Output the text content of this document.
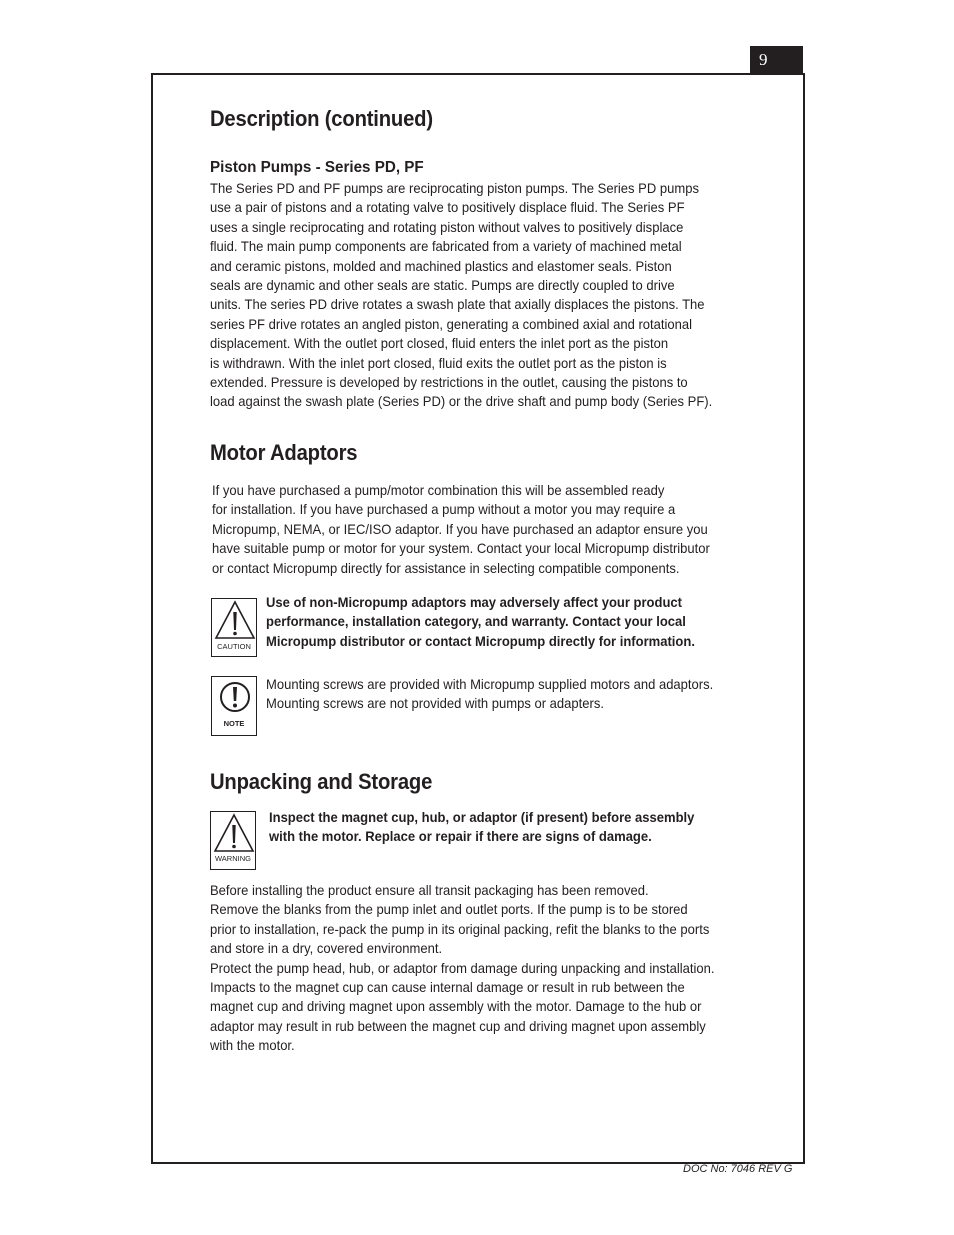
9
Description (continued)
Piston Pumps - Series PD, PF
The Series PD and PF pumps are reciprocating piston pumps. The Series PD pumps
use a pair of pistons and a rotating valve to positively displace fluid. The Series PF
uses a single reciprocating and rotating piston without valves to positively displace
fluid. The main pump components are fabricated from a variety of machined metal
and ceramic pistons, molded and machined plastics and elastomer seals. Piston
seals are dynamic and other seals are static. Pumps are directly coupled to drive
units. The series PD drive rotates a swash plate that axially displaces the pistons. The
series PF drive rotates an angled piston, generating a combined axial and rotational
displacement. With the outlet port closed, fluid enters the inlet port as the piston
is withdrawn. With the inlet port closed, fluid exits the outlet port as the piston is
extended. Pressure is developed by restrictions in the outlet, causing the pistons to
load against the swash plate (Series PD) or the drive shaft and pump body (Series PF).
Motor Adaptors
If you have purchased a pump/motor combination this will be assembled ready
for installation. If you have purchased a pump without a motor you may require a
Micropump, NEMA, or IEC/ISO adaptor. If you have purchased an adaptor ensure you
have suitable pump or motor for your system. Contact your local Micropump distributor
or contact Micropump directly for assistance in selecting compatible components.
CAUTION
Use of non-Micropump adaptors may adversely affect your product
performance, installation category, and warranty. Contact your local
Micropump distributor or contact Micropump directly for information.
NOTE
Mounting screws are provided with Micropump supplied motors and adaptors.
Mounting screws are not provided with pumps or adapters.
Unpacking and Storage
WARNING
Inspect the magnet cup, hub, or adaptor (if present) before assembly
with the motor. Replace or repair if there are signs of damage.
Before installing the product ensure all transit packaging has been removed.
Remove the blanks from the pump inlet and outlet ports. If the pump is to be stored
prior to installation, re-pack the pump in its original packing, refit the blanks to the ports
and store in a dry, covered environment.
Protect the pump head, hub, or adaptor from damage during unpacking and installation.
Impacts to the magnet cup can cause internal damage or result in rub between the
magnet cup and driving magnet upon assembly with the motor. Damage to the hub or
adaptor may result in rub between the magnet cup and driving magnet upon assembly
with the motor.
DOC No: 7046 REV G
